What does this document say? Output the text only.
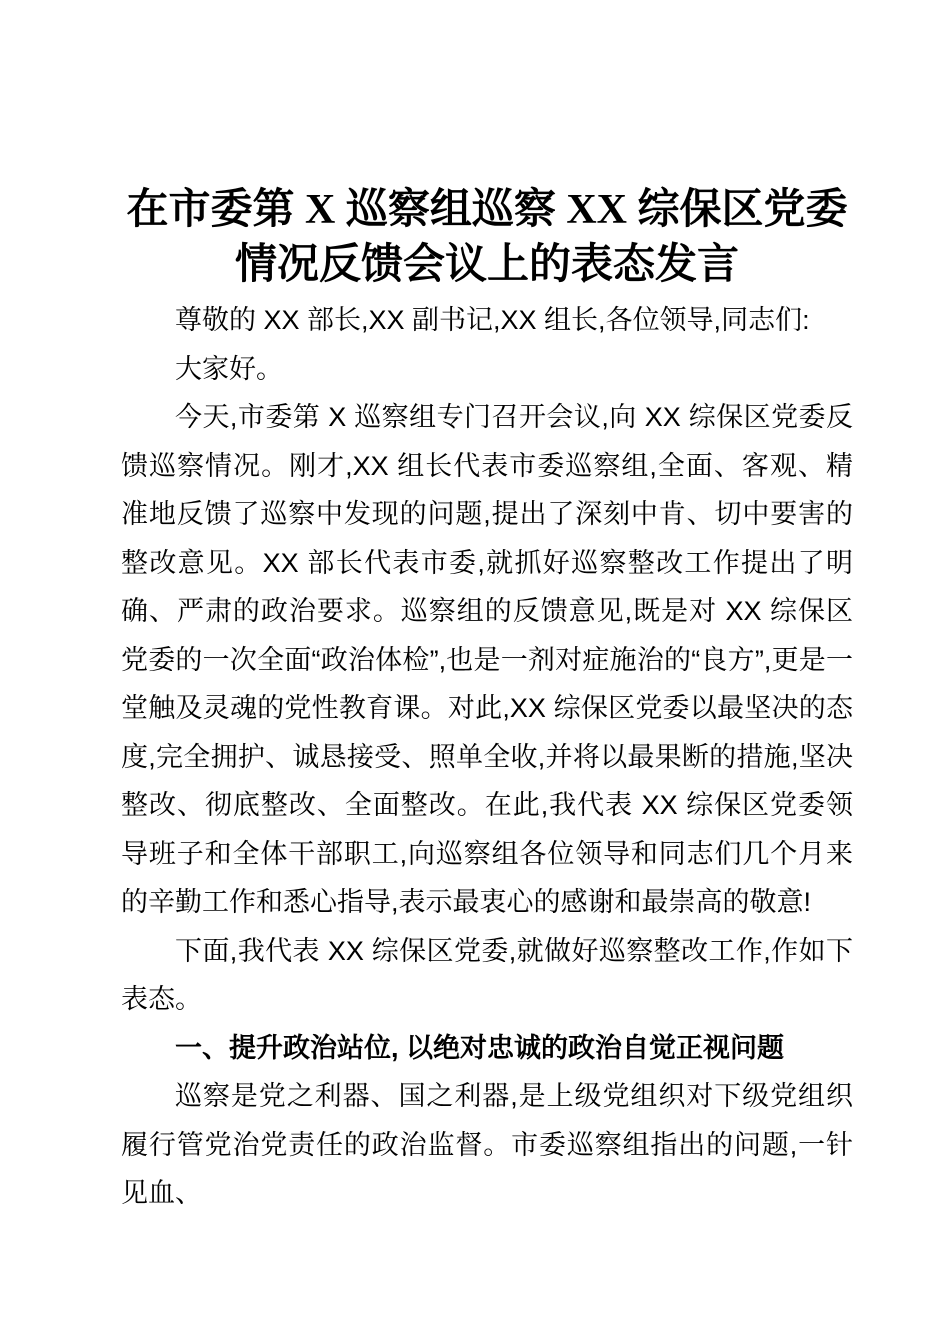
在市委第 X 巡察组巡察 XX 综保区党委
情况反馈会议上的表态发言

尊敬的 XX 部长,XX 副书记,XX 组长,各位领导,同志们:

大家好。

今天,市委第 X 巡察组专门召开会议,向 XX 综保区党委反馈巡察情况。刚才,XX 组长代表市委巡察组,全面、客观、精准地反馈了巡察中发现的问题,提出了深刻中肯、切中要害的整改意见。XX 部长代表市委,就抓好巡察整改工作提出了明确、严肃的政治要求。巡察组的反馈意见,既是对 XX 综保区党委的一次全面“政治体检”,也是一剂对症施治的“良方”,更是一堂触及灵魂的党性教育课。对此,XX 综保区党委以最坚决的态度,完全拥护、诚恳接受、照单全收,并将以最果断的措施,坚决整改、彻底整改、全面整改。在此,我代表 XX 综保区党委领导班子和全体干部职工,向巡察组各位领导和同志们几个月来的辛勤工作和悉心指导,表示最衷心的感谢和最崇高的敬意!

下面,我代表 XX 综保区党委,就做好巡察整改工作,作如下表态。

一、提升政治站位, 以绝对忠诚的政治自觉正视问题

巡察是党之利器、国之利器,是上级党组织对下级党组织履行管党治党责任的政治监督。市委巡察组指出的问题,一针见血、
